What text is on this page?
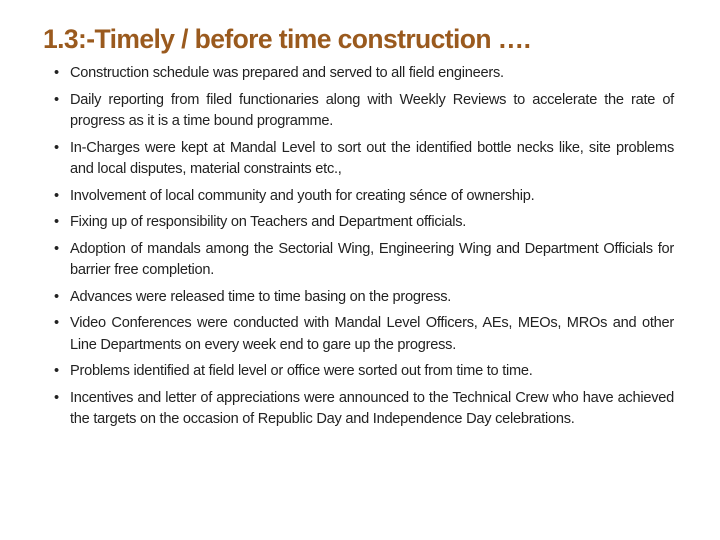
1.3:-Timely / before time construction ….
• Construction schedule was prepared and served to all field engineers.
• Daily reporting from filed functionaries along with Weekly Reviews to accelerate the rate of progress as it is a time bound programme.
• In-Charges were kept at Mandal Level to sort out the identified bottle necks like, site problems and local disputes, material constraints etc.,
• Involvement of local community and youth for creating sénce of ownership.
• Fixing up of responsibility on Teachers and Department officials.
• Adoption of mandals among the Sectorial Wing, Engineering Wing and Department Officials for barrier free completion.
• Advances were released time to time basing on the progress.
• Video Conferences were conducted with Mandal Level Officers, AEs, MEOs, MROs and other Line Departments on every week end to gare up the progress.
• Problems identified at field level or office were sorted out from time to time.
• Incentives and letter of appreciations were announced to the Technical Crew who have achieved the targets on the occasion of Republic Day and Independence Day celebrations.
